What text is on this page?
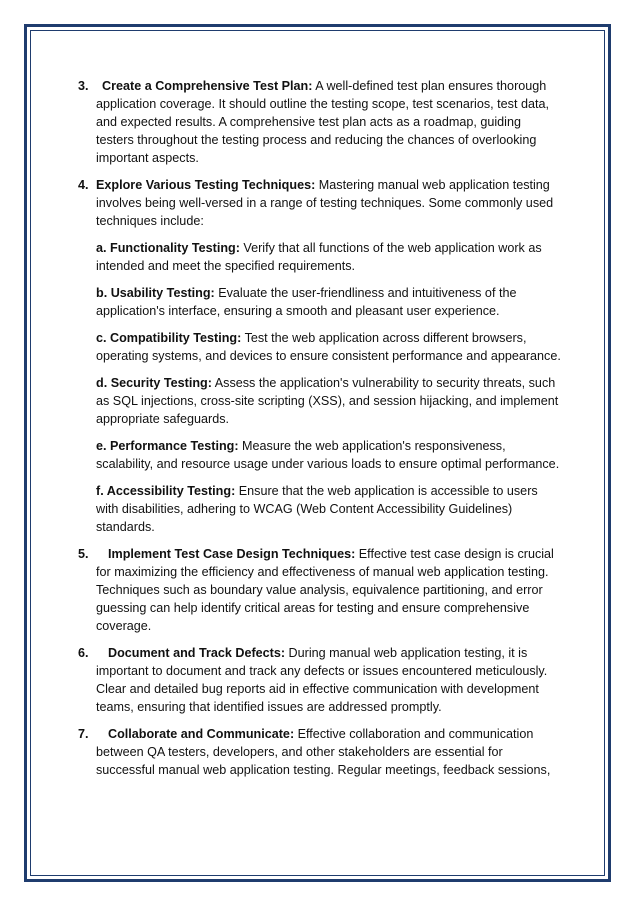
3. Create a Comprehensive Test Plan: A well-defined test plan ensures thorough application coverage. It should outline the testing scope, test scenarios, test data, and expected results. A comprehensive test plan acts as a roadmap, guiding testers throughout the testing process and reducing the chances of overlooking important aspects.
4. Explore Various Testing Techniques: Mastering manual web application testing involves being well-versed in a range of testing techniques. Some commonly used techniques include:
a. Functionality Testing: Verify that all functions of the web application work as intended and meet the specified requirements.
b. Usability Testing: Evaluate the user-friendliness and intuitiveness of the application's interface, ensuring a smooth and pleasant user experience.
c. Compatibility Testing: Test the web application across different browsers, operating systems, and devices to ensure consistent performance and appearance.
d. Security Testing: Assess the application's vulnerability to security threats, such as SQL injections, cross-site scripting (XSS), and session hijacking, and implement appropriate safeguards.
e. Performance Testing: Measure the web application's responsiveness, scalability, and resource usage under various loads to ensure optimal performance.
f. Accessibility Testing: Ensure that the web application is accessible to users with disabilities, adhering to WCAG (Web Content Accessibility Guidelines) standards.
5. Implement Test Case Design Techniques: Effective test case design is crucial for maximizing the efficiency and effectiveness of manual web application testing. Techniques such as boundary value analysis, equivalence partitioning, and error guessing can help identify critical areas for testing and ensure comprehensive coverage.
6. Document and Track Defects: During manual web application testing, it is important to document and track any defects or issues encountered meticulously. Clear and detailed bug reports aid in effective communication with development teams, ensuring that identified issues are addressed promptly.
7. Collaborate and Communicate: Effective collaboration and communication between QA testers, developers, and other stakeholders are essential for successful manual web application testing. Regular meetings, feedback sessions,
